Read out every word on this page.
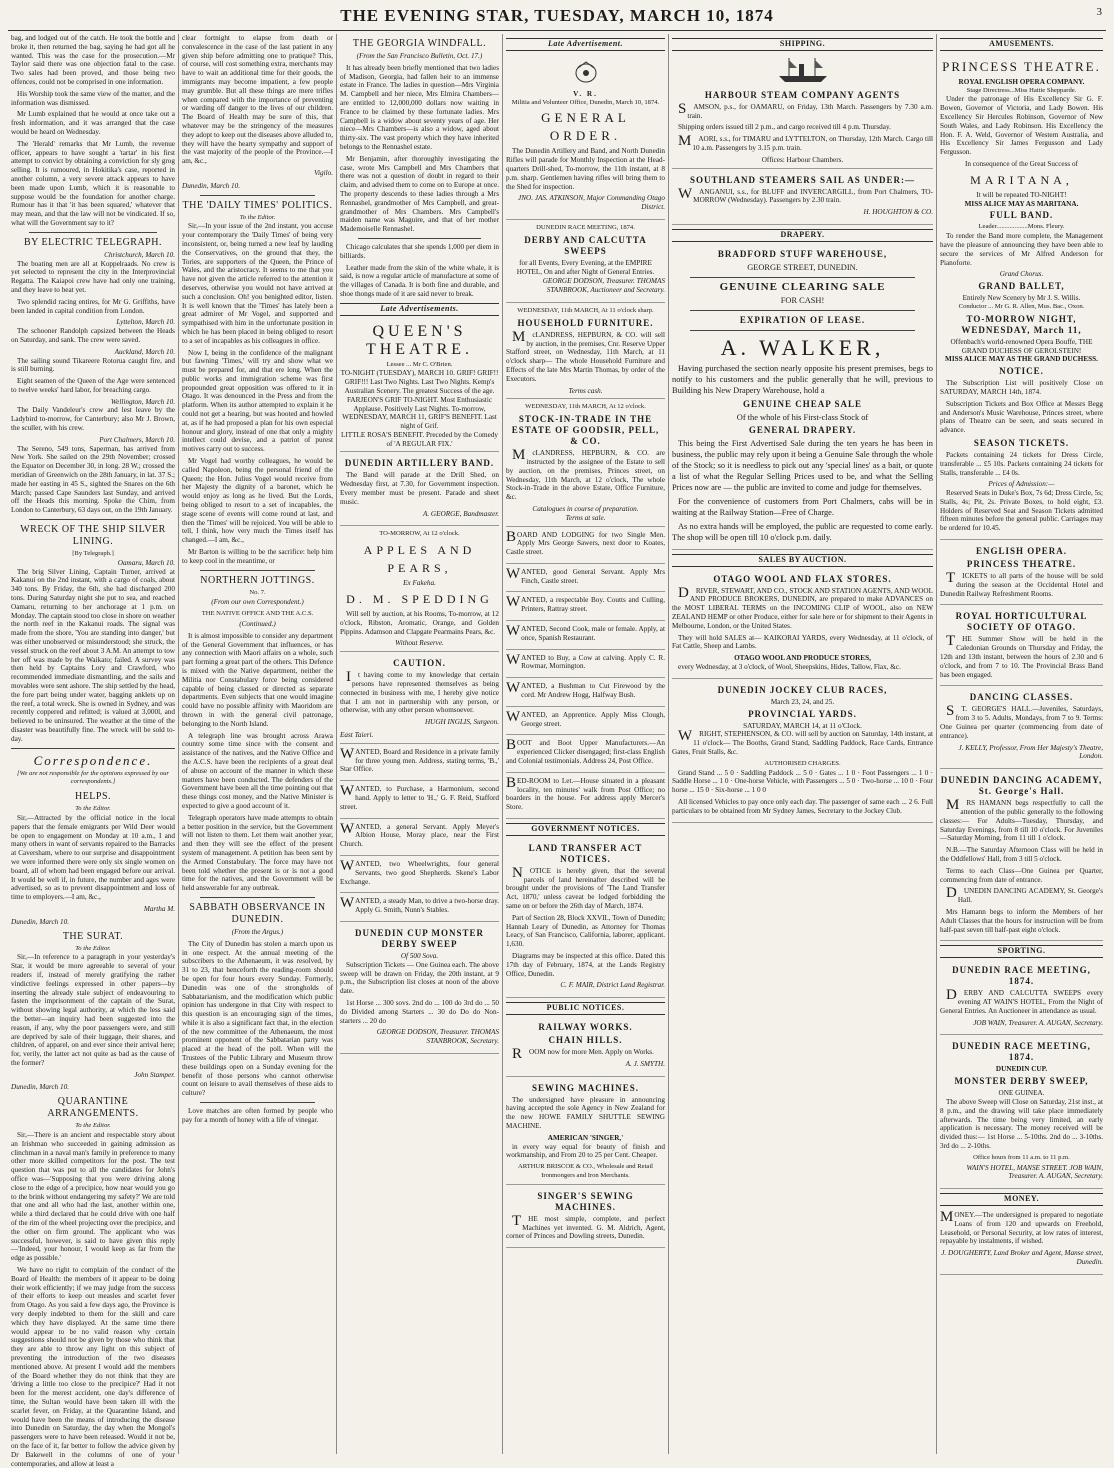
THE EVENING STAR, TUESDAY, MARCH 10, 1874	3

bag, and lodged out of the catch. He took the bottle and broke it, then returned the bag, saying he had got all he wanted. This was the case for the prosecution.—Mr Taylor said there was one objection fatal to the case. Two sales had been proved, and those being two offences, could not be comprised in one information.

His Worship took the same view of the matter, and the information was dismissed.

Mr Lumb explained that he would at once take out a fresh information, and it was arranged that the case would be heard on Wednesday.

The 'Herald' remarks that Mr Lumb, the revenue officer, appears to have sought a 'tartar' in his first attempt to convict by obtaining a conviction for sly grog selling. It is rumoured, in Hokitika's case, reported in another column, a very severe attack appears to have been made upon Lumb, which it is reasonable to suppose would be the foundation for another charge. Rumour has it that 'it has been squared,' whatever that may mean, and that the law will not be vindicated. If so, what will the Government say to it?

BY ELECTRIC TELEGRAPH.
Christchurch, March 10.

The boating men are all at Koppelraads. No crew is yet selected to represent the city in the Interprovincial Regatta. The Kaiapoi crew have had only one training, and they leave to beat yet.

Two splendid racing entires, for Mr G. Griffiths, have been landed in capital condition from London.

Lyttelton, March 10.

The schooner Randolph capsized between the Heads on Saturday, and sank. The crew were saved.

Auckland, March 10.

The sailing sound Tikareere Rotorua caught fire, and is still burning.

Eight seamen of the Queen of the Age were sentenced to twelve weeks' hard labor, for breaching cargo.

Wellington, March 10.

The Daily Vandeleur's crew and lest leave by the Ladybird to-morrow, for Canterbury; also Mr J. Brown, the sculler, with his crew.

Port Chalmers, March 10.

The Sereno, 549 tons, Saperman, has arrived from New York. She sailed on the 29th November; crossed the Equator on December 30, in long. 28 W.; crossed the meridian of Greenwich on the 28th January, in lat. 37 S.; made her easting in 45 S., sighted the Snares on the 6th March; passed Cape Saunders last Sunday, and arrived off the Heads this morning. Spoke the Chim, from London to Canterbury, 63 days out, on the 19th January.

WRECK OF THE SHIP SILVER LINING.
[By Telegraph.]
Oamaru, March 10.

The brig Silver Lining, Captain Turner, arrived at Kakanui on the 2nd instant, with a cargo of coals, about 340 tons. By Friday, the 6th, she had discharged 200 tons. During Saturday night she put to sea, and reached Oamaru, returning to her anchorage at 1 p.m. on Monday. The captain stood too close in shore on weather the north reef in the Kakanui roads. The signal was made from the shore, 'You are standing into danger,' but was either unobserved or misunderstood; she struck, the vessel struck on the reef about 3 A.M. An attempt to tow her off was made by the Waikato; failed. A survey was then held by Captains Lory and Crawford, who recommended immediate dismantling, and the sails and movables were sent ashore. The ship settled by the head, the fore part being under water, bagging anklets up on the reef, a total wreck. She is owned in Sydney, and was recently coppered and refitted; is valued at 3,000l, and believed to be uninsured. The weather at the time of the disaster was beautifully fine. The wreck will be sold to-day.

Correspondence.
[We are not responsible for the opinions expressed by our correspondents.]
HELPS.
To the Editor.

Sir,—Attracted by the official notice in the local papers that the female emigrants per Wild Deer would be open to engagement on Monday at 10 a.m., I and many others in want of servants repaired to the Barracks at Caversham, where to our surprise and disappointment we were informed there were only six single women on board, all of whom had been engaged before our arrival. It would be well if, in future, the number and ages were advertised, so as to prevent disappointment and loss of time to employers.—I am, &c.,

Martha M.
Dunedin, March 10.
THE SURAT.
To the Editor.

Sir,—In reference to a paragraph in your yesterday's Star, it would be more agreeable to several of your readers if, instead of merely gratifying the rather vindictive feelings expressed in other papers—by inserting the already stale subject of endeavouring to fasten the imprisonment of the captain of the Surat, without showing legal authority, at which the less said the better—an inquiry had been suggested into the reason, if any, why the poor passengers were, and still are deprived by sale of their luggage, their shares, and children, of apparel, on and ever since their arrival here; for, verily, the latter act not quite as bad as the cause of the former?

John Stamper.
Dunedin, March 10.
QUARANTINE ARRANGEMENTS.
To the Editor.

Sir,—There is an ancient and respectable story about an Irishman who succeeded in gaining admission as clinchman in a naval man's family in preference to many other more skilled competitors for the post. The test question that was put to all the candidates for John's office was—'Supposing that you were driving along close to the edge of a precipice, how near would you go to the brink without endangering my safety?' We are told that one and all who had the last, another within one, while a third declared that he could drive with one half of the rim of the wheel projecting over the precipice, and the other on firm ground. The applicant who was successful, however, is said to have given this reply—'Indeed, your honour, I would keep as far from the edge as possible.'

We have no right to complain of the conduct of the Board of Health: the members of it appear to be doing their work efficiently; if we may judge from the success of their efforts to keep out measles and scarlet fever from Otago. As you said a few days ago, the Province is very deeply indebted to them for the skill and care which they have displayed. At the same time there would appear to be no valid reason why certain suggestions should not be given by those who think that they are able to throw any light on this subject of preventing the introduction of the two diseases mentioned above. At present I would add the members of the Board whether they do not think that they are 'driving a little too close to the precipice?' Had it not been for the merest accident, one day's difference of time, the Sultan would have been taken ill with the scarlet fever, on Friday, at the Quarantine Island, and would have been the means of introducing the disease into Dunedin on Saturday, the day when the Mongol's passengers were to have been released. Would it not be, on the face of it, far better to follow the advice given by Dr Bakewell in the columns of one of your contemporaries, and allow at least a

clear fortnight to elapse from death or convalescence in the case of the last patient in any given ship before admitting one to pratique? This, of course, will cost something extra, merchants may have to wait an additional time for their goods, the immigrants may become impatient, a few people may grumble. But all these things are mere trifles when compared with the importance of preventing or warding off danger to the lives of our children. The Board of Health may be sure of this, that whatever may be the stringency of the measures they adopt to keep out the diseases above alluded to, they will have the hearty sympathy and support of the vast majority of the people of the Province.—I am, &c.,

Vigilo.
Dunedin, March 10.
THE 'DAILY TIMES' POLITICS.
To the Editor.

Sir,—In your issue of the 2nd instant, you accuse your contemporary the 'Daily Times' of being very inconsistent, or, being turned a new leaf by lauding the Conservatives, on the ground that they, the Tories, are supporters of the Queen, the Prince of Wales, and the aristocracy. It seems to me that you have not given the article referred to the attention it deserves, otherwise you would not have arrived at such a conclusion. Oh! you benighted editor, listen. It is well known that the 'Times' has lately been a great admirer of Mr Vogel, and supported and sympathised with him in the unfortunate position in which he has been placed in being obliged to resort to a set of incapables as his colleagues in office.

Now I, being in the confidence of the malignant but fawning 'Times,' will try and show what we must be prepared for, and that ere long. When the public works and immigration scheme was first propounded great opposition was offered to it in Otago. It was denounced in the Press and from the platform. When its author attempted to explain it he could not get a hearing, but was hooted and howled at, as if he had proposed a plan for his own especial honour and glory, instead of one that only a mighty intellect could devise, and a patriot of purest motives carry out to success.

Mr Vogel had worthy colleagues, he would be called Napoleon, being the personal friend of the Queen; the Hon. Julius Vogel would receive from her Majesty the dignity of a baronet, which he would enjoy as long as he lived. But the Lords, being obliged to resort to a set of incapables, the stage scene of events will come round at last, and then the 'Times' will be rejoiced. You will be able to tell, I think, how very much the Times itself has changed.—I am, &c.,

Mr Barton is willing to be the sacrifice: help him to keep cool in the meantime, or

NORTHERN JOTTINGS.
No. 7.
(From our own Correspondent.)
THE NATIVE OFFICE AND THE A.C.S.
(Continued.)

It is almost impossible to consider any department of the General Government that influences, or has any connection with Maori affairs on a whole, such part forming a great part of the others. This Defence is mixed with the Native department, neither the Militia nor Constabulary force being considered capable of being classed or directed as separate departments. Even subjects that one would imagine could have no possible affinity with Maoridom are thrown in with the general civil patronage, belonging to the North Island.

A telegraph line was brought across Arawa country some time since with the consent and assistance of the natives, and the Native Office and the A.C.S. have been the recipients of a great deal of abuse on account of the manner in which these matters have been conducted. The defenders of the Government have been all the time pointing out that these things cost money, and the Native Minister is expected to give a good account of it.

Telegraph operators have made attempts to obtain a better position in the service, but the Government will not listen to them. Let them wait another year, and then they will see the effect of the present system of management. A petition has been sent by the Armed Constabulary. The force may have not been told whether the present is or is not a good time for the natives, and the Government will be held answerable for any outbreak.

SABBATH OBSERVANCE IN DUNEDIN.
(From the Argus.)

The City of Dunedin has stolen a march upon us in one respect. At the annual meeting of the subscribers to the Athenaeum, it was resolved, by 31 to 23, that henceforth the reading-room should be open for four hours every Sunday. Formerly, Dunedin was one of the strongholds of Sabbatarianism, and the modification which public opinion has undergone in that City with respect to this question is an encouraging sign of the times, while it is also a significant fact that, in the election of the new committee of the Athenaeum, the most prominent opponent of the Sabbatarian party was placed at the head of the poll. When will the Trustees of the Public Library and Museum throw these buildings open on a Sunday evening for the benefit of those persons who cannot otherwise count on leisure to avail themselves of these aids to culture?

Love matches are often formed by people who pay for a month of honey with a life of vinegar.

THE GEORGIA WINDFALL.
(From the San Francisco Bulletin, Oct. 17.)

It has already been briefly mentioned that two ladies of Madison, Georgia, had fallen heir to an immense estate in France. The ladies in question—Mrs Virginia M. Campbell and her niece, Mrs Elmira Chambers—are entitled to 12,000,000 dollars now waiting in France to be claimed by these fortunate ladies. Mrs Campbell is a widow about seventy years of age. Her niece—Mrs Chambers—is also a widow, aged about thirty-six. The vast property which they have inherited belongs to the Rennashel estate.

Mr Benjamin, after thoroughly investigating the case, wrote Mrs Campbell and Mrs Chambers that there was not a question of doubt in regard to their claim, and advised them to come on to Europe at once. The property descends to these ladies through a Mrs Rennashel, grandmother of Mrs Campbell, and great-grandmother of Mrs Chambers. Mrs Campbell's maiden name was Maguire, and that of her mother Mademoiselle Rennashel.

Chicago calculates that she spends 1,000 per diem in billiards.

Leather made from the skin of the white whale, it is said, is now a regular article of manufacture at some of the villages of Canada. It is both fine and durable, and shoe thongs made of it are said never to break.

Late Advertisements.
QUEEN'S THEATRE.
Lessee ... Mr C. O'Brien.
TO-NIGHT (TUESDAY), MARCH 10. GRIF! GRIF!! GRIF!!! Last Two Nights. Last Two Nights. Kemp's Australian Scenery. The greatest Success of the age. FARJEON'S GRIF TO-NIGHT. Most Enthusiastic Applause. Positively Last Nights. To-morrow, WEDNESDAY, MARCH 11, GRIF'S BENEFIT. Last night of Grif.
LITTLE ROSA'S BENEFIT. Preceded by the Comedy of 'A REGULAR FIX.'
DUNEDIN ARTILLERY BAND.

The Band will parade at the Drill Shed, on Wednesday first, at 7.30, for Government inspection. Every member must be present. Parade and sheet music.

A. GEORGE, Bandmaster.
TO-MORROW, At 12 o'clock.
APPLES AND PEARS,
Ex Fakeha.
D. M. SPEDDING

Will sell by auction, at his Rooms, To-morrow, at 12 o'clock, Ribston, Aromatic, Orange, and Golden Pippins. Adamson and Clapgate Pearmains Pears, &c.

Without Reserve.
CAUTION.

It having come to my knowledge that certain persons have represented themselves as being connected in business with me, I hereby give notice that I am not in partnership with any person, or otherwise, with any other person whomsoever.

HUGH INGLIS, Surgeon.
East Taieri.

WANTED, Board and Residence in a private family for three young men. Address, stating terms, 'B.,' Star Office.

WANTED, to Purchase, a Harmonium, second hand. Apply to letter to 'H.,' G. F. Reid, Stafford street.

WANTED, a general Servant. Apply Meyer's Albion House, Moray place, near the First Church.

WANTED, two Wheelwrights, four general Servants, two good Shepherds. Skene's Labor Exchange.

WANTED, a steady Man, to drive a two-horse dray. Apply G. Smith, Nunn's Stables.

DUNEDIN CUP MONSTER DERBY SWEEP
Of 500 Sova.

Subscription Tickets — One Guinea each. The above sweep will be drawn on Friday, the 20th instant, at 9 p.m., the Subscription list closes at noon of the above date.

1st Horse ... 300 sovs. 2nd do ... 100 do 3rd do ... 50 do Divided among Starters ... 30 do Do do Non-starters ... 20 do

GEORGE DODSON, Treasurer. THOMAS STANBROOK, Secretary.
Late Advertisement.
V. R.
Militia and Volunteer Office, Dunedin, March 10, 1874.
GENERAL ORDER.

The Dunedin Artillery and Band, and North Dunedin Rifles will parade for Monthly Inspection at the Head-quarters Drill-shed, To-morrow, the 11th instant, at 8 p.m. sharp. Gentlemen having rifles will bring them to the Shed for inspection.

JNO. JAS. ATKINSON, Major Commanding Otago District.
DUNEDIN RACE MEETING, 1874.
DERBY AND CALCUTTA SWEEPS
for all Events, Every Evening, at the EMPIRE HOTEL, On and after Night of General Entries.
GEORGE DODSON, Treasurer. THOMAS STANBROOK, Auctioneer and Secretary.
WEDNESDAY, 11th MARCH, At 11 o'clock sharp.
HOUSEHOLD FURNITURE.

McLANDRESS, HEPBURN, & CO. will sell by auction, in the premises, Cnr. Reserve Upper Stafford street, on Wednesday, 11th March, at 11 o'clock sharp— The whole Household Furniture and Effects of the late Mrs Martin Thomas, by order of the Executors.

Terms cash.
WEDNESDAY, 11th MARCH, At 12 o'clock.
STOCK-IN-TRADE IN THE ESTATE OF GOODSIR, PELL, & CO.

McLANDRESS, HEPBURN, & CO. are instructed by the assignee of the Estate to sell by auction, on the premises, Princes street, on Wednesday, 11th March, at 12 o'clock, The whole Stock-in-Trade in the above Estate, Office Furniture, &c.

Catalogues in course of preparation.
Terms at sale.

BOARD AND LODGING for two Single Men. Apply Mrs George Sawers, next door to Koates, Castle street.

WANTED, good General Servant. Apply Mrs Finch, Castle street.

WANTED, a respectable Boy. Coutts and Culling, Printers, Rattray street.

WANTED, Second Cook, male or female. Apply, at once, Spanish Restaurant.

WANTED to Buy, a Cow at calving. Apply C. R. Rowmar, Mornington.

WANTED, a Bushman to Cut Firewood by the cord. Mr Andrew Hogg, Halfway Bush.

WANTED, an Apprentice. Apply Miss Clough, George street.

BOOT and Boot Upper Manufacturers.—An experienced Clicker disengaged; first-class English and Colonial testimonials. Address 24, Post Office.

BED-ROOM to Let.—House situated in a pleasant locality, ten minutes' walk from Post Office; no boarders in the house. For address apply Mercer's Store.

GOVERNMENT NOTICES.
LAND TRANSFER ACT NOTICES.

NOTICE is hereby given, that the several parcels of land hereinafter described will be brought under the provisions of 'The Land Transfer Act, 1870,' unless caveat be lodged forbidding the same on or before the 26th day of March, 1874.

Part of Section 28, Block XXVII., Town of Dunedin; Hannah Leary of Dunedin, as Attorney for Thomas Leacy, of San Francisco, California, laborer, applicant. 1,630.

Diagrams may be inspected at this office. Dated this 17th day of February, 1874, at the Lands Registry Office, Dunedin.

C. F. MAIR, District Land Registrar.
PUBLIC NOTICES.
RAILWAY WORKS.
CHAIN HILLS.

ROOM now for more Men. Apply on Works.

A. J. SMYTH.
SEWING MACHINES.

The undersigned have pleasure in announcing having accepted the sole Agency in New Zealand for the new HOWE FAMILY SHUTTLE SEWING MACHINE.

AMERICAN 'SINGER,'

in every way equal for beauty of finish and workmanship, and From 20 to 25 per Cent. Cheaper.

ARTHUR BRISCOE & CO., Wholesale and Retail Ironmongers and Iron Merchants.
SINGER'S SEWING MACHINES.

THE most simple, complete, and perfect Machines yet invented. G. M. Aldrich, Agent, corner of Princes and Dowling streets, Dunedin.

SHIPPING.
HARBOUR STEAM COMPANY AGENTS

SAMSON, p.s., for OAMARU, on Friday, 13th March. Passengers by 7.30 a.m. train.

Shipping orders issued till 2 p.m., and cargo received till 4 p.m. Thursday.

MAORI, s.s., for TIMARU and LYTTELTON, on Thursday, 12th March. Cargo till 10 a.m. Passengers by 3.15 p.m. train.

Offices: Harbour Chambers.
SOUTHLAND STEAMERS SAIL AS UNDER:—

WANGANUI, s.s., for BLUFF and INVERCARGILL, from Port Chalmers, TO-MORROW (Wednesday). Passengers by 2.30 train.

H. HOUGHTON & CO.
DRAPERY.
BRADFORD STUFF WAREHOUSE,
GEORGE STREET, DUNEDIN.
GENUINE CLEARING SALE
FOR CASH!
EXPIRATION OF LEASE.
A. WALKER,

Having purchased the section nearly opposite his present premises, begs to notify to his customers and the public generally that he will, previous to Building his New Drapery Warehouse, hold a

GENUINE CHEAP SALE
Of the whole of his First-class Stock of
GENERAL DRAPERY.

This being the First Advertised Sale during the ten years he has been in business, the public may rely upon it being a Genuine Sale through the whole of the Stock; so it is needless to pick out any 'special lines' as a bait, or quote a list of what the Regular Selling Prices used to be, and what the Selling Prices now are — the public are invited to come and judge for themselves.

For the convenience of customers from Port Chalmers, cabs will be in waiting at the Railway Station—Free of Charge.

As no extra hands will be employed, the public are requested to come early. The shop will be open till 10 o'clock p.m. daily.

SALES BY AUCTION.
OTAGO WOOL AND FLAX STORES.

DRIVER, STEWART, AND CO., STOCK AND STATION AGENTS, AND WOOL AND PRODUCE BROKERS, DUNEDIN, are prepared to make ADVANCES on the MOST LIBERAL TERMS on the INCOMING CLIP of WOOL, also on NEW ZEALAND HEMP or other Produce, either for sale here or for shipment to their Agents in Melbourne, London, or the United States.

They will hold SALES at— KAIKORAI YARDS, every Wednesday, at 11 o'clock, of Fat Cattle, Sheep and Lambs.

OTAGO WOOL AND PRODUCE STORES,

every Wednesday, at 3 o'clock, of Wool, Sheepskins, Hides, Tallow, Flax, &c.

DUNEDIN JOCKEY CLUB RACES,
March 23, 24, and 25.
PROVINCIAL YARDS.
SATURDAY, MARCH 14, at 11 o'Clock.

WRIGHT, STEPHENSON, & CO. will sell by auction on Saturday, 14th instant, at 11 o'clock— The Booths, Grand Stand, Saddling Paddock, Race Cards, Entrance Gates, Fruit Stalls, &c.

AUTHORISED CHARGES.

Grand Stand ... 5 0 · Saddling Paddock ... 5 0 · Gates ... 1 0 · Foot Passengers ... 1 0 · Saddle Horse ... 1 0 · One-horse Vehicle, with Passengers ... 5 0 · Two-horse ... 10 0 · Four horse ... 15 0 · Six-horse ... 1 0 0

All licensed Vehicles to pay once only each day. The passenger of same each ... 2 6. Full particulars to be obtained from Mr Sydney James, Secretary to the Jockey Club.

AMUSEMENTS.
PRINCESS THEATRE.
ROYAL ENGLISH OPERA COMPANY.
Stage Directress...Miss Hattie Shepparde.

Under the patronage of His Excellency Sir G. F. Bowen, Governor of Victoria, and Lady Bowen. His Excellency Sir Hercules Robinson, Governor of New South Wales, and Lady Robinson. His Excellency the Hon. F. A. Weld, Governor of Western Australia, and His Excellency Sir James Fergusson and Lady Fergusson.

In consequence of the Great Success of
MARITANA,
It will be repeated TO-NIGHT!
MISS ALICE MAY AS MARITANA.
FULL BAND.
Leader...................Mons. Fleury.

To render the Band more complete, the Management have the pleasure of announcing they have been able to secure the services of Mr Alfred Anderson for Pianoforte.

Grand Chorus.
GRAND BALLET,
Entirely New Scenery by Mr J. S. Willis.
Conductor ... Mr G. R. Allen, Mus. Bac., Oxon.
TO-MORROW NIGHT, WEDNESDAY, March 11,
Offenbach's world-renowned Opera Bouffe, THE GRAND DUCHESS OF GEROLSTEIN!
MISS ALICE MAY AS THE GRAND DUCHESS.
NOTICE.

The Subscription List will positively Close on SATURDAY, MARCH 14th, 1874.

Subscription Tickets and Box Office at Messrs Begg and Anderson's Music Warehouse, Princes street, where plans of Theatre can be seen, and seats secured in advance.

SEASON TICKETS.

Packets containing 24 tickets for Dress Circle, transferable ... £5 10s. Packets containing 24 tickets for Stalls, transferable ... £4 0s.

Prices of Admission:—

Reserved Seats in Duke's Box, 7s 6d; Dress Circle, 5s; Stalls, 4s; Pit, 2s. Private Boxes, to hold eight, £3. Holders of Reserved Seat and Season Tickets admitted fifteen minutes before the general public. Carriages may be ordered for 10.45.

ENGLISH OPERA.
PRINCESS THEATRE.

TICKETS to all parts of the house will be sold during the season at the Occidental Hotel and Dunedin Railway Refreshment Rooms.

ROYAL HORTICULTURAL SOCIETY OF OTAGO.

THE Summer Show will be held in the Caledonian Grounds on Thursday and Friday, the 12th and 13th instant, between the hours of 2.30 and 6 o'clock, and from 7 to 10. The Provincial Brass Band has been engaged.

DANCING CLASSES.

ST. GEORGE'S HALL.—Juveniles, Saturdays, from 3 to 5. Adults, Mondays, from 7 to 9. Terms: One Guinea per quarter (commencing from date of entrance).

J. KELLY, Professor, From Her Majesty's Theatre, London.
DUNEDIN DANCING ACADEMY, St. George's Hall.

MRS HAMANN begs respectfully to call the attention of the public generally to the following classes:— For Adults—Tuesday, Thursday, and Saturday Evenings, from 8 till 10 o'clock. For Juveniles—Saturday Morning, from 11 till 1 o'clock.

N.B.—The Saturday Afternoon Class will be held in the Oddfellows' Hall, from 3 till 5 o'clock.

Terms to each Class—One Guinea per Quarter, commencing from date of entrance.

DUNEDIN DANCING ACADEMY, St. George's Hall.

Mrs Hamann begs to inform the Members of her Adult Classes that the hours for instruction will be from half-past seven till half-past eight o'clock.

SPORTING.
DUNEDIN RACE MEETING, 1874.

DERBY AND CALCUTTA SWEEPS every evening AT WAIN'S HOTEL, From the Night of General Entries. An Auctioneer in attendance as usual.

JOB WAIN, Treasurer. A. AUGAN, Secretary.
DUNEDIN RACE MEETING, 1874.
DUNEDIN CUP.
MONSTER DERBY SWEEP,
ONE GUINEA.

The above Sweep will Close on Saturday, 21st inst., at 8 p.m., and the drawing will take place immediately afterwards. The time being very limited, an early application is necessary. The money received will be divided thus:— 1st Horse ... 5-10ths. 2nd do ... 3-10ths. 3rd do ... 2-10ths.

Office hours from 11 a.m. to 11 p.m.
WAIN'S HOTEL, MANSE STREET. JOB WAIN, Treasurer. A. AUGAN, Secretary.
MONEY.

MONEY.—The undersigned is prepared to negotiate Loans of from 120 and upwards on Freehold, Leasehold, or Personal Security, at low rates of interest, repayable by instalments, if wished.

J. DOUGHERTY, Land Broker and Agent, Manse street, Dunedin.
